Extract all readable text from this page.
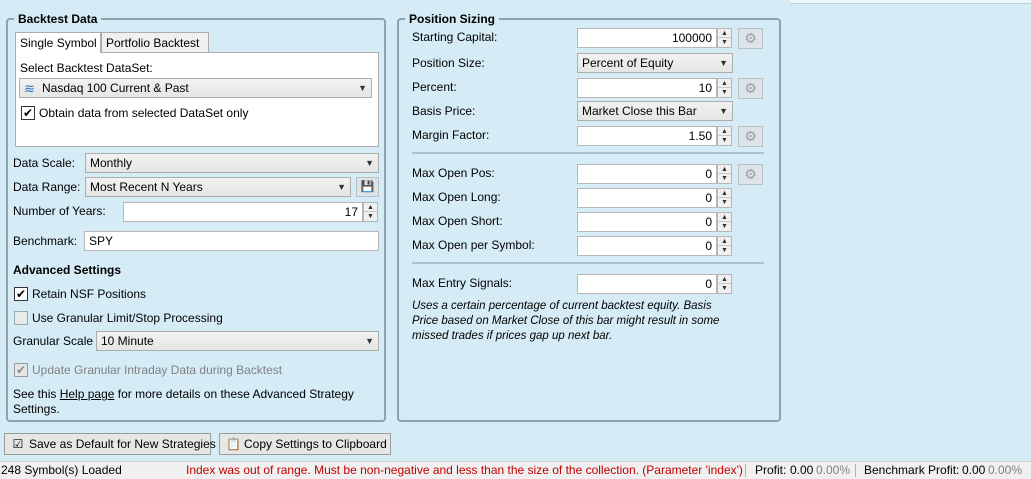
Backtest Data
Single Symbol Portfolio Backtest
Select Backtest DataSet:
≋ Nasdaq 100 Current & Past	▼
✔ Obtain data from selected DataSet only
Data Scale:	Monthly	▼
Data Range: Most Recent N Years	▼	💾
Number of Years:	17	▲
▼
Benchmark: SPY
Advanced Settings
✔ Retain NSF Positions
Use Granular Limit/Stop Processing
Granular Scale 10 Minute	▼
✔ Update Granular Intraday Data during Backtest
See this Help page for more details on these Advanced Strategy
Settings.
Position Sizing
Starting Capital:	100000	▲
▼	⚙
Position Size:	Percent of Equity	▼
Percent:	10	▲
▼	⚙
Basis Price:	Market Close this Bar ▼
Margin Factor:	1.50	▲
▼	⚙
Max Open Pos:	0	▲
▼	⚙
Max Open Long:	0	▲
▼
Max Open Short:	0	▲
▼
Max Open per Symbol:	0	▲
▼
Max Entry Signals:	0	▲
▼
Uses a certain percentage of current backtest equity. Basis
Price based on Market Close of this bar might result in some
missed trades if prices gap up next bar.
☑ Save as Default for New Strategies 📋 Copy Settings to Clipboard
248 Symbol(s) Loaded	Index was out of range. Must be non-negative and less than the size of the collection. (Parameter 'index') Profit: 0.00 0.00% Benchmark Profit: 0.00 0.00%
